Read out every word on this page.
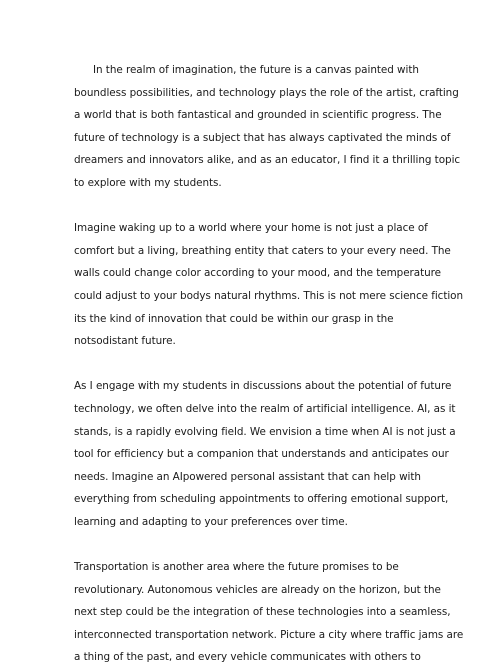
In the realm of imagination, the future is a canvas painted with
boundless possibilities, and technology plays the role of the artist, crafting
a world that is both fantastical and grounded in scientific progress. The
future of technology is a subject that has always captivated the minds of
dreamers and innovators alike, and as an educator, I find it a thrilling topic
to explore with my students.
Imagine waking up to a world where your home is not just a place of
comfort but a living, breathing entity that caters to your every need. The
walls could change color according to your mood, and the temperature
could adjust to your bodys natural rhythms. This is not mere science fiction
its the kind of innovation that could be within our grasp in the
notsodistant future.
As I engage with my students in discussions about the potential of future
technology, we often delve into the realm of artificial intelligence. AI, as it
stands, is a rapidly evolving field. We envision a time when AI is not just a
tool for efficiency but a companion that understands and anticipates our
needs. Imagine an AIpowered personal assistant that can help with
everything from scheduling appointments to offering emotional support,
learning and adapting to your preferences over time.
Transportation is another area where the future promises to be
revolutionary. Autonomous vehicles are already on the horizon, but the
next step could be the integration of these technologies into a seamless,
interconnected transportation network. Picture a city where traffic jams are
a thing of the past, and every vehicle communicates with others to
